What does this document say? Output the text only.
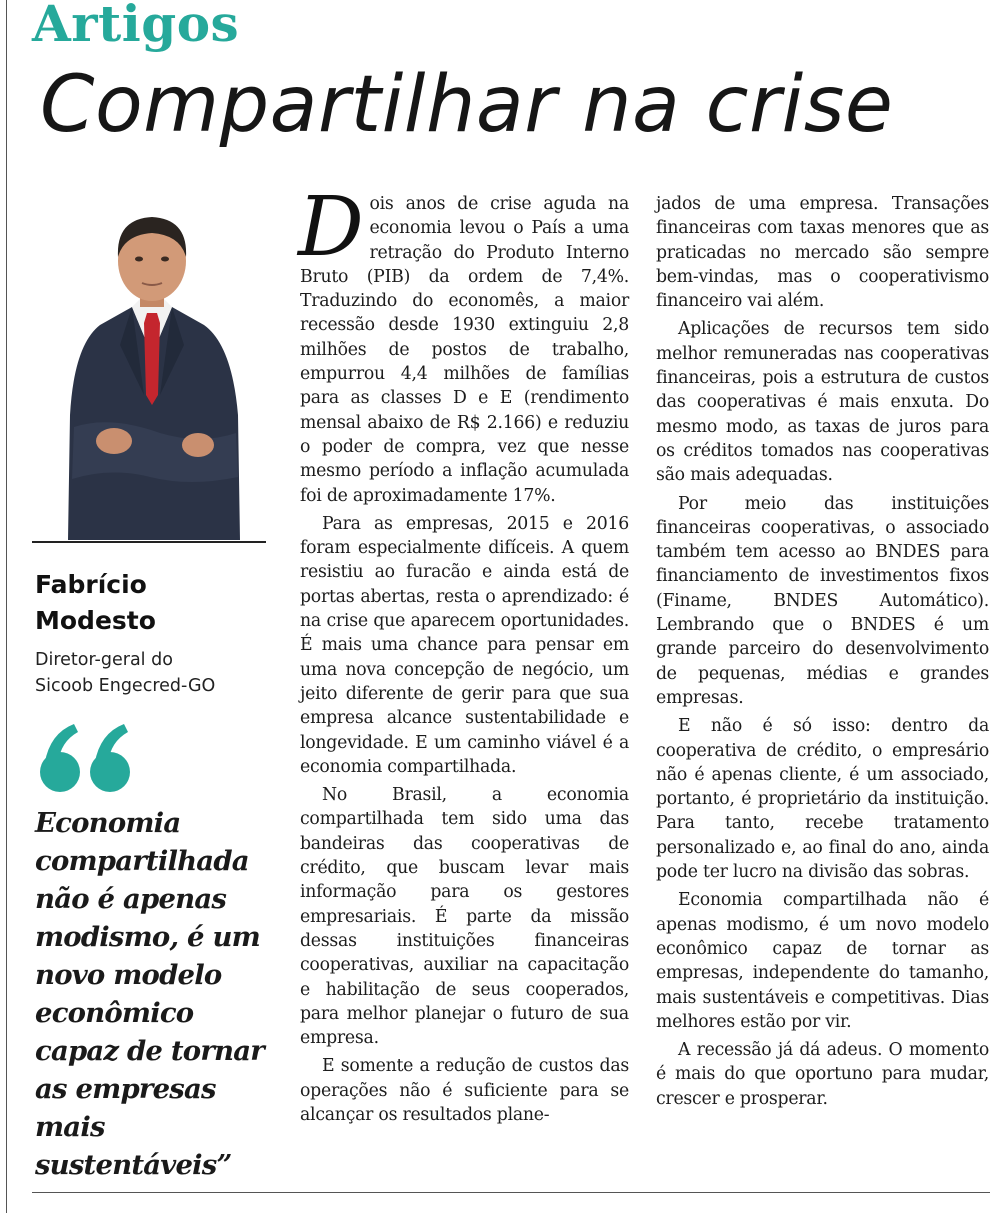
Artigos
Compartilhar na crise
Fabrício
Modesto
Diretor-geral do
Sicoob Engecred-GO
Economia compartilhada não é apenas modismo, é um novo modelo econômico capaz de tornar as empresas mais sustentáveis”

Dois anos de crise aguda na economia levou o País a uma retração do Produto Interno Bruto (PIB) da ordem de 7,4%. Traduzindo do economês, a maior recessão desde 1930 extinguiu 2,8 milhões de postos de trabalho, empurrou 4,4 milhões de famílias para as classes D e E (rendimento mensal abaixo de R$ 2.166) e reduziu o poder de compra, vez que nesse mesmo período a inflação acumulada foi de aproximadamente 17%.

Para as empresas, 2015 e 2016 foram especialmente difíceis. A quem resistiu ao furacão e ainda está de portas abertas, resta o aprendizado: é na crise que aparecem oportunidades. É mais uma chance para pensar em uma nova concepção de negócio, um jeito diferente de gerir para que sua empresa alcance sustentabilidade e longevidade. E um caminho viável é a economia compartilhada.

No Brasil, a economia compartilhada tem sido uma das bandeiras das cooperativas de crédito, que buscam levar mais informação para os gestores empresariais. É parte da missão dessas instituições financeiras cooperativas, auxiliar na capacitação e habilitação de seus cooperados, para melhor planejar o futuro de sua empresa.

E somente a redução de custos das operações não é suficiente para se alcançar os resultados plane-

jados de uma empresa. Transações financeiras com taxas menores que as praticadas no mercado são sempre bem-vindas, mas o cooperativismo financeiro vai além.

Aplicações de recursos tem sido melhor remuneradas nas cooperativas financeiras, pois a estrutura de custos das cooperativas é mais enxuta. Do mesmo modo, as taxas de juros para os créditos tomados nas cooperativas são mais adequadas.

Por meio das instituições financeiras cooperativas, o associado também tem acesso ao BNDES para financiamento de investimentos fixos (Finame, BNDES Automático). Lembrando que o BNDES é um grande parceiro do desenvolvimento de pequenas, médias e grandes empresas.

E não é só isso: dentro da cooperativa de crédito, o empresário não é apenas cliente, é um associado, portanto, é proprietário da instituição. Para tanto, recebe tratamento personalizado e, ao final do ano, ainda pode ter lucro na divisão das sobras.

Economia compartilhada não é apenas modismo, é um novo modelo econômico capaz de tornar as empresas, independente do tamanho, mais sustentáveis e competitivas. Dias melhores estão por vir.

A recessão já dá adeus. O momento é mais do que oportuno para mudar, crescer e prosperar.
